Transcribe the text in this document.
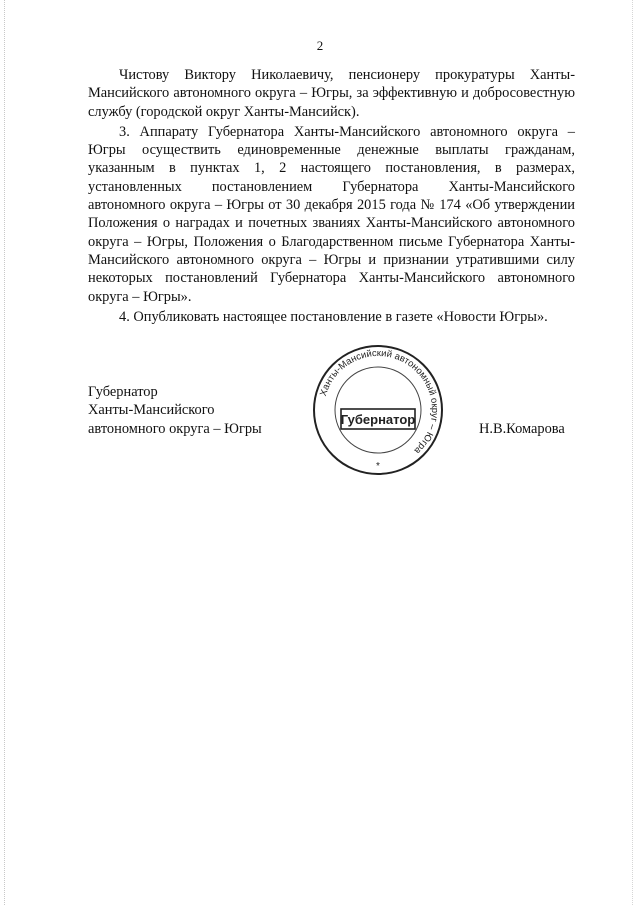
2

Чистову Виктору Николаевичу, пенсионеру прокуратуры Ханты-Мансийского автономного округа – Югры, за эффективную и добросовестную службу (городской округ Ханты-Мансийск).

3. Аппарату Губернатора Ханты-Мансийского автономного округа – Югры осуществить единовременные денежные выплаты гражданам, указанным в пунктах 1, 2 настоящего постановления, в размерах, установленных постановлением Губернатора Ханты-Мансийского автономного округа – Югры от 30 декабря 2015 года № 174 «Об утверждении Положения о наградах и почетных званиях Ханты-Мансийского автономного округа – Югры, Положения о Благодарственном письме Губернатора Ханты-Мансийского автономного округа – Югры и признании утратившими силу некоторых постановлений Губернатора Ханты-Мансийского автономного округа – Югры».

4. Опубликовать настоящее постановление в газете «Новости Югры».

Губернатор
Ханты-Мансийского
автономного округа – Югры
Ханты-Мансийский автономный округ – Югра
Губернатор
*
Н.В.Комарова
